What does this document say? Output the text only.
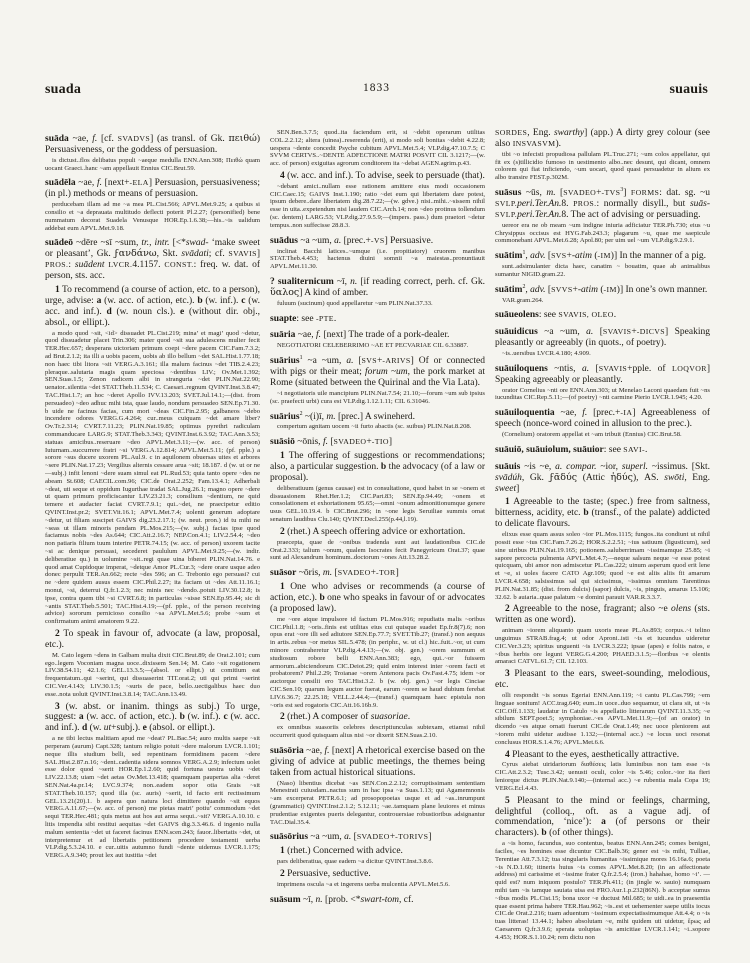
suada	1833	suauis

suāda ~ae, f. [cf. SVADVS] (as transl. of Gk. πειθώ) Persuasiveness, or the goddess of persuasion.

is dictust..flos delibatus populi ~aeque medulla ENN.Ann.308; Πειθώ quam uocant Graeci..hanc ~am appellauit Ennius CIC.Brut.59.

suādēla ~ae, f. [next+-ELA] Persuasion, persuasiveness; (in pl.) methods or means of persuasion.

perducebam illam ad me ~a mea PL.Cist.566; APVL.Met.9.25; a quibus si consilio et ~a deprauata multitudo deflecti poterit Pl.2.27; (personified) bene nummatum decorat Suadela Venusque HOR.Ep.1.6.38;—his..~is ualidum addebat eum APVL.Met.9.18.

suādeō ~dēre ~sī ~sum, tr., intr. [<*swad- ‘make sweet or pleasant’, Gk. ϝανδάνω, Skt. svādati; cf. SVAVIS] PROS.: suādent LVCR.4.1157. CONST.: freq. w. dat. of person, sts. acc.

1 To recommend (a course of action, etc. to a person), urge, advise: a (w. acc. of action, etc.). b (w. inf.). c (w. acc. and inf.). d (w. noun cls.). e (without dir. obj., absol., or ellipt.).

a modo quod ~sit, <id> dissuadet PL.Cist.219; mina’ et magi’ quod ~detur, quod dissuadetur placet Trin.306; mater quod ~sit sua adulescens mulier fecit TER.Hec.657; desperans uictoriam primum coepi ~dere pacem CIC.Fam.7.3.2; ad Brut.2.1.2; ita illi a uobis pacem, uobis ab illo bellum ~det SAL.Hist.1.77.18; non haec tibi litora ~sit VERG.A.3.161; illa malum facinus ~det TIB.2.4.23; pleraque..salutaria magis quam speciosa ~dentibus LIV.; Ov.Met.1.392; SEN.Suas.1.5; Zenon radicem albi in stranguria ~det PLIN.Nat.22.90; uenator..silentia ~det STAT.Theb.11.534; C. Caesari..regnum QVINT.Inst.3.8.47; TAC.Hist.1.7; an hoc ~deret Apollo IVV.13.203; SVET.Jul.14.1;—(dist. from persuadeo) ~deo adhuc mihi ista, quae laudo, nondum persuadeo SEN.Ep.71.30. b uide ne facinus facias, cum mori ~deas CIC.Fin.2.95; galbaneos ~debo incendere odores VERG.G.4.264; cur..meus cuiquam ~det amare liber? Ov.Tr.2.314; CVRT.7.11.23; PLIN.Nat.19.85; optimus pyrethri radiculam commanducare LARG.9; STAT.Theb.3.343; QVINT.Inst.6.3.92; TAC.Ann.3.53; statuas amicibus..reseruare ~deo APVL.Met.3.11;—(w. acc. of person) Iuturnam..succurrere fratri ~si VERG.A.12.814; APVL.Met.5.11; (pf. pple.) a sorore ~sus ducere uxorem PL.Aul.9. c in aquilonem obuersas uites et arbores ~sere PLIN.Nat.17.23; Vergilius alternis cessare arua ~sit; 18.187. d (w. ut or ne—subj.) infit lenoni ~dere suam simul eat PL.Rud.53; quia tanto opere ~des ne abeam St.608; CAECIL.com.96; CIC.de Orat.2.252; Fam.13.4.1; Adherbali ~deat, uti seque et oppidum Iugurthae tradat SAL.Jug.26.1; magno opere ~dere ut quam primum proficiscantur LIV.23.21.3; consilium ~dentium, ne quid temere et audacter faciat CVRT.7.9.1; qui..~det, ne praecipetur editio QVINT.Inst.pr.2; SVET.Vit.16.1; APVL.Met.7.4; uolenti generum adoptare ~detur, ut filiam suscipet GAIVS dig.23.2.17.1; (w. neut. pron.) id tu mihi ne ~seas ut illam minoris pendam PL.Mos.215;—(w. subj.) facias ipse quod faciamus nobis ~des As.644; CIC.Att.2.16.7; NEP.Con.4.1; LIV.2.54.4; ~deo non patiaris filium tuum interire PETR.74.15; (w. acc. of person) uxorem tacite ~si ac denique persuasi, secederet paululum APVL.Met.9.25;—(w. indir. deliberatiue qu.) in uolumine ~sit..regi quae uina biberet PLIN.Nat.14.76. e quod amat Cupidoque imperat, ~detque Amor PL.Cur.3; ~dere orare usque adeo donec perpulit TER.An.662; recte ~des 596; an C. Trebonio ego persuasi? cui ne ~dere quidem ausus essem CIC.Phil.2.27; ita faciam ut ~des Att.11.16.1; monui, ~si, deterrui Q.fr.1.2.3; nec minis nec ~dendo..potuit LIV.30.12.8; is ipse, contra quem tibi ~si CVRT.6.8; in particulas ~sisse SEN.Ep.95.44; sic di ~antis STAT.Theb.5.501; TAC.Hist.4.19;—(pf. pple., of the person receiving advice) sororum pernicioso consilio ~sa APVL.Met.5.6; probe ~sum et confirmatum animi amatorem 9.22.

2 To speak in favour of, advocate (a law, proposal, etc.).

M. Cato legem ~dens in Galbam multa dixit CIC.Brut.89; de Orat.2.101; cum ego..legem Voconiam magna uoce..dixissem Sen.14; M. Cato ~sit rogationem LIV.38.54.11; 42.1.6; GEL.13.3.5;—(absol. or ellipt.) ut comitium eat frequentatum..qui ~serint, qui dissuaserint TIT.orat.2; uti qui primi ~serint CIC.Ver.4.143; LIV.30.1.5; ~suris de pace, bello..uectigalibus haec duo esse..nota uoluit QVINT.Inst.3.8.14; TAC.Ann.13.49.

3 (w. abst. or inanim. things as subj.) To urge, suggest: a (w. acc. of action, etc.). b (w. inf.). c (w. acc. and inf.). d (w. ut+subj.). e (absol. or ellipt.).

a ne tibi lectus malitiam apud me ~deat? PL.Bac.54; auro multis saepe ~sit perperam (aurum) Capt.328; tantum religio potuit ~dere malorum LVCR.1.101; neque illis studium belli, sed repentinam formidinem pacem ~dere SAL.Hist.2.87.n.16; ~dent..cadentia sidera somnos VERG.A.2.9; infectum uolet esse dolor quod ~serit HOR.Ep.1.2.60; quid fortuna uestra uobis ~det LIV.22.13.8; uiam ~det aetas Ov.Met.13.418; quamquam paupertas alia ~deret SEN.Nat.4a.pr.14; LVC.9.374; non..eadem sopor otia Grais ~sit STAT.Theb.10.157; quod illa (sc. auris) ~serit, id facto erit rectissimum GEL.13.21(20).1. b aspera quo natura loci dimittere quando ~sit equos VERG.A.11.67;—(w. acc. of person) me pietas matri’ potiu’ commodum ~det sequi TER.Hec.481; quis metus aut hos aut arma sequi..~sit? VERG.A.10.10. c litis impendia sibi restitui aequitas ~det GAIVS dig.3.3.46.6. d ingenio nulla malum sententia ~det ut faceret facinus ENN.scen.243; fauor..libertatis ~det, ut interpretemur et ad libertatis petitionem procedere testamenti uerba VLP.dig.5.3.24.10. e cur..uitis autumno fundi ~dente uidemus LVCR.1.175; VERG.A.9.340; prout lex aut iustitia ~det

SEN.Ben.3.7.5; quod..ita faciendum erit, si ~debit operarum utilitas COL.2.2.12; altera (uinea)..reserenda (erit), si modo soli bonitas ~debit 4.22.8; uespera ~dente concedit Psyche cubitum APVL.Met.5.4; VLP.dig.47.10.7.5; C SVVM CERTVS..~DENTE ADFECTIONE MATRI POSVIT CIL 3.1217;—(w. acc. of person) exiguitas agrorum conditorem ita ~debat AGEN.agrim.p.43.

4 (w. acc. and inf.). To advise, seek to persuade (that).

~debant amici..nullam esse rationem amittere eius modi occasionem CIC.Caec.15; GAIVS Inst.1.190; ratio ~det eum qui libertatem dare potest, ipsum debere..dare libertatem dig.28.7.22;—(w. gdve.) nisi..mihi..~sissem nihil esse in uita..expetendum nisi laudem CIC.Arch.14; non ~deo protinus tollendum (sc. dentem) LARG.53; VLP.dig.27.9.5.9;—(impers. pass.) dum praetori ~detur tempus..non suffecisse 28.8.3.

suādus ~a ~um, a. [prec.+-VS] Persuasive.

inclinat Bacchi latices..~umque (i.e. propitiatory) cruorem manibus STAT.Theb.4.453; hactenus diuini somnii ~a maiestas..pronuntiauit APVL.Met.11.30.

? sualiternicum ~ī, n. [if reading correct, perh. cf. Gk. ὕαλος] A kind of amber.

fuluum (sucinum) quod appellaretur ~um PLIN.Nat.37.33.

suapte: see -PTE.

suāria ~ae, f. [next] The trade of a pork-dealer.

NEGOTIATORI CELEBERRIMO ~AE ET PECVARIAE CIL 6.33887.

suārius$^1$ ~a ~um, a. [SVS+-ARIVS] Of or connected with pigs or their meat; forum ~um, the pork market at Rome (situated between the Quirinal and the Via Lata).

~i negotiatoris uile mancipium PLIN.Nat.7.54; 21.10;—forum ~um sub ipsius (sc. praefecti urbi) cura est VLP.dig.1.12.1.11; CIL 6.31046.

suārius$^2$ ~(i)ī, m. [prec.] A swineherd.

compertum agnitam uocem ~ii furto abactis (sc. suibus) PLIN.Nat.8.208.

suāsiō ~ōnis, f. [SVADEO+-TIO]

1 The offering of suggestions or recommendations; also, a particular suggestion. b the advocacy (of a law or proposal).

deliberatiuum (genus causae) est in consultatione, quod habet in se ~onem et dissuasionem Rhet.Her.1.2; CIC.Part.83; SEN.Ep.94.49; ~onem et consolationem et exhortationem 95.65;—omni ~onum admonitionumque genere usus GEL.10.19.4. b CIC.Brut.296; in ~one legis Seruiliae summis ornat senatum laudibus Clu.140; QVINT.Decl.255(p.44,l.19).

2 (rhet.) A speech offering advice or exhortation.

praecepta, quae de ~onibus tradenda sunt aut laudationibus CIC.de Orat.2.333; talium ~onum, qualem Isocrates fecit Panegyricum Orat.37; quae sunt ad Alexandrum hominum..doctorum ~ones Att.13.28.2.

suāsor ~ōris, m. [SVADEO+-TOR]

1 One who advises or recommends (a course of action, etc.). b one who speaks in favour of or advocates (a proposed law).

me ~ore atque impulsore id factum PL.Mos.916; repudiatis malis ~oribus CIC.Phil.1.8; ~oris..finis est utilitas eius cui quisque suadet Ep.fr.8(7).6; non opus erat ~ore illi sed adiutore SEN.Ep.77.7; SVET.Tib.27; (transf.) non aequus in artis..rebus ~or metus SIL.5.478; (in periphr., w. ut cl.) hic..fuit..~or, ut cum minore contraheretur VLP.dig.4.4.13;—(w. obj. gen.) ~orem summum et studiosum robore belli ENN.Ann.383; ego, qui..~or fuissem armorum..abiciendorum CIC.Deiot.29; quid enim interest inter ~orem facti et probatorem? Phil.2.29; Troianae ~orem Antenora pacis Ov.Fast.4.75; idem ~or auctorque consilii ero TAC.Hist.3.2. b (w. obj. gen.) ~or legis Cinciae CIC.Sen.10; quarum legum auctor fuerat, earum ~orem se haud dubium ferebat LIV.6.36.7; 22.25.18; VELL.2.44.4;—(transf.) quamquam haec epistula non ~oris est sed rogatoris CIC.Att.16.16b.9.

2 (rhet.) A composer of suasoriae.

ex omnibus suasoriis celebres descriptiunculas subtexam, etiamsi nihil occurrerit quod quisquam alius nisi ~or dixerit SEN.Suas.2.10.

suāsōria ~ae, f. [next] A rhetorical exercise based on the giving of advice at public meetings, the themes being taken from actual historical situations.

(Naso) libentius dicebat ~as SEN.Con.2.2.12; corruptissimam sententiam Menestrati cuiusdam..nactus sum in hac ipsa ~a Suas.1.13; qui Agamemnonis ~am excerperat PETR.6.1; ad prosopopoeias usque et ad ~as..inrumpunt (grammatici) QVINT.Inst.2.1.2; 5.12.11; ~ae..tamquam plane leuiores et minus prudentiae exigentes pueris delegantur, controuersiae robustioribus adsignantur TAC.Dial.35.4.

suāsōrius ~a ~um, a. [SVADEO+-TORIVS]

1 (rhet.) Concerned with advice.

pars deliberatiua, quae eadem ~a dicitur QVINT.Inst.3.8.6.

2 Persuasive, seductive.

imprimens oscula ~a et ingerens uerba mulcentia APVL.Met.5.6.

suāsum ~ī, n. [prob. <*swart-tom, cf.

SORDES, Eng. swarthy] (app.) A dirty grey colour (see also INSVASVM).

tibi ~o infecisti propudiosa pallulam PL.Truc.271; ~um colos appellatur, qui fit ex (s)tillicidio fumoso in uestimento albo..nec desunt, qui dicant, omnem colorem qui fiat inficiendo, ~um uocari, quod quasi persuadetur in alium ex albo transire FEST.p.302M.

suāsus ~ūs, m. $[SVADEO+-TVS^3]$ FORMS: dat. sg. ~u SVLP.peri.Ter.An.8. PROS.: normally disyll., but suās- SVLP.peri.Ter.An.8. The act of advising or persuading.

uereor era ne ob meam ~um indigne iniuria adficiatur TER.Ph.730; eius ~u Chrysippus occisus est HYG.Fab.243.3; plagarum ~u, quae me saepicule commonebant APVL.Met.6.28; Apol.80; per uim uel ~um VLP.dig.9.2.9.1.

suātim$^1$, adv. [SVS+-atim (-IM)] In the manner of a pig.

sunt..adsimulanter dicta haec, canatim ~ bouatim, quae ab animalibus sumantur NIGID.gram.22.

suātim$^2$, adv. [SVVS+-atim (-IM)] In one’s own manner.

VAR.gram.264.

suāueolens: see SVAVIS, OLEO.

suāuidicus ~a ~um, a. [SVAVIS+-DICVS] Speaking pleasantly or agreeably (in quots., of poetry).

~is..uersibus LVCR.4.180; 4.909.

suāuiloquens ~ntis, a. [SVAVIS+pple. of LOQVOR] Speaking agreeably or pleasantly.

orator Cornelius ~nti ore ENN.Ann.303; ut Menelao Laconi quaedam fuit ~ns iucunditas CIC.Rep.5.11;—(of poetry) ~nti carmine Pierio LVCR.1.945; 4.20.

suāuiloquentia ~ae, f. [prec.+-IA] Agreeableness of speech (nonce-word coined in allusion to the prec.).

(Cornelium) oratorem appellat et ~am tribuit (Ennius) CIC.Brut.58.

suāuiō, suāuiolum, suāuior: see SAVI-.

suāuis ~is ~e, a. compar. ~ior, superl. ~issimus. [Skt. svādúh, Gk. ϝᾱδύς (Attic ἡδύς), AS. swōti, Eng. sweet]

1 Agreeable to the taste; (spec.) free from saltness, bitterness, acidity, etc. b (transf., of the palate) addicted to delicate flavours.

elixus esse quam assus soleo ~ior PL.Mos.1115; fungos..ita condiunt ut nihil possit esse ~ius CIC.Fam.7.26.2; HOR.S.2.2.51; ~ius satiuum (ligusticum), sed sine uiribus PLIN.Nat.19.165; potionem..saluberrimam ~issimamque 25.85; ~i sapore percocta pulmenta APVL.Met.4.7;—neque salsum neque ~e esse potest quicquam, ubi amor non admiscetur PL.Cas.222; uinum asperum quod erit lene et ~e, si uoles facere CATO Agr.109; quod ~e est aliis aliis fit amarum LVCR.4.658; salsissimus sal qui sicissimus, ~issimus omnium Tarentinus PLIN.Nat.31.85; (dist. from dulcis) (sapor) dulcis, ~is, pinguis, amarus 15.106; 32.62. b auiaria..quae palatum ~e domini parauit VAR.R.3.3.7.

2 Agreeable to the nose, fragrant; also ~e olens (sts. written as one word).

animam ~iorem aliquanto quam uxoris meae PL.As.893; corpus..~i telino unguimus STRAB.frag.4; ut odor Aproni..isti ~is et iucundus uideretur CIC.Ver.3.23; spiritus unguenti ~is LVCR.3.222; ipsae (apes) e foliis natos, e ~ibus herbis ore legunt VERG.G.4.200; PHAED.3.1.5;—floribus ~e olentis amaraci CATVL.61.7; CIL 12.103.

3 Pleasant to the ears, sweet-sounding, melodious, etc.

olli respondit ~is sonus Egeriai ENN.Ann.119; ~i cantu PL.Cas.799; ~em linguae sonitum! ACC.trag.640; eum..in uoce..duo sequamur, ut clara sit, ut ~is CIC.Off.1.133; laudatur in Catulo ~is appellatio litterarum QVINT.11.3.35; ~e sibilum SEPT.poet.5; symphoniae..~es APVL.Met.11.9;—(of an orator) in dicendo ~es atque ornati fuerunt CIC.de Orat.1.49; nec uoce pleniorem aut ~iorem mihi uidetur audisse 1.132;—(internal acc.) ~e locus uoci resonat conclusus HOR.S.1.4.76; APVL.Met.6.6.

4 Pleasant to the eyes, aesthetically attractive.

Cyrus aiebat uiridariorum διαθέσεις latis luminibus non tam esse ~is CIC.Att.2.3.2; Tusc.3.42; uenusti oculi, color ~is 5.46; color..~ior ita fieri leniorque dictus PLIN.Nat.9.140;—(internal acc.) ~e rubentia mala Copa 19; VERG.Ecl.4.43.

5 Pleasant to the mind or feelings, charming, delightful (colloq., oft. as a vague adj. of commendation, ‘nice’): a (of persons or their characters). b (of other things).

a ~is homo, facundus, suo contentus, beatus ENN.Ann.245; comes benigni, faciles, ~es homines esse dicuntur CIC.Balb.36; gener est ~is mihi, Tulliae, Terentiae Att.7.3.12; tua singularis humanitas ~issimique mores 16.16a.6; poeta ~is N.D.1.60; itineris huius ~is comes APVL.Met.8.20; (in an affectionate address) mi carissime et ~issime frater Q.fr.2.5.4; (iron.) hahahae, homo ~i’. — quid est? num iniquom postulo? TER.Ph.411; (in jingle w. sauio) numquam mihi tam ~is tamque sauiata uisa est FRO.Aur.1.p.232(86N). b acceptae sumus ~ibus modis PL.Cist.15; bona uxor ~e ductust Mil.685; te uidi..ea in praesentia quae essent prima habere TER.Hau.962; ~is..est et uehementer saepe utilis iocus CIC.de Orat.2.216; tuam aduentum ~issimum expectatissimumque Att.4.4; o ~is tuas litteras! 13.44.1; habeo absolutam ~e, mihi quidem uti uidetur, ἔρως ad Caesarem Q.fr.3.9.6; sperata uoluptas ~is amicitiae LVCR.1.141; ~i..sopore 4.453; HOR.S.1.10.24; rem dictu non
